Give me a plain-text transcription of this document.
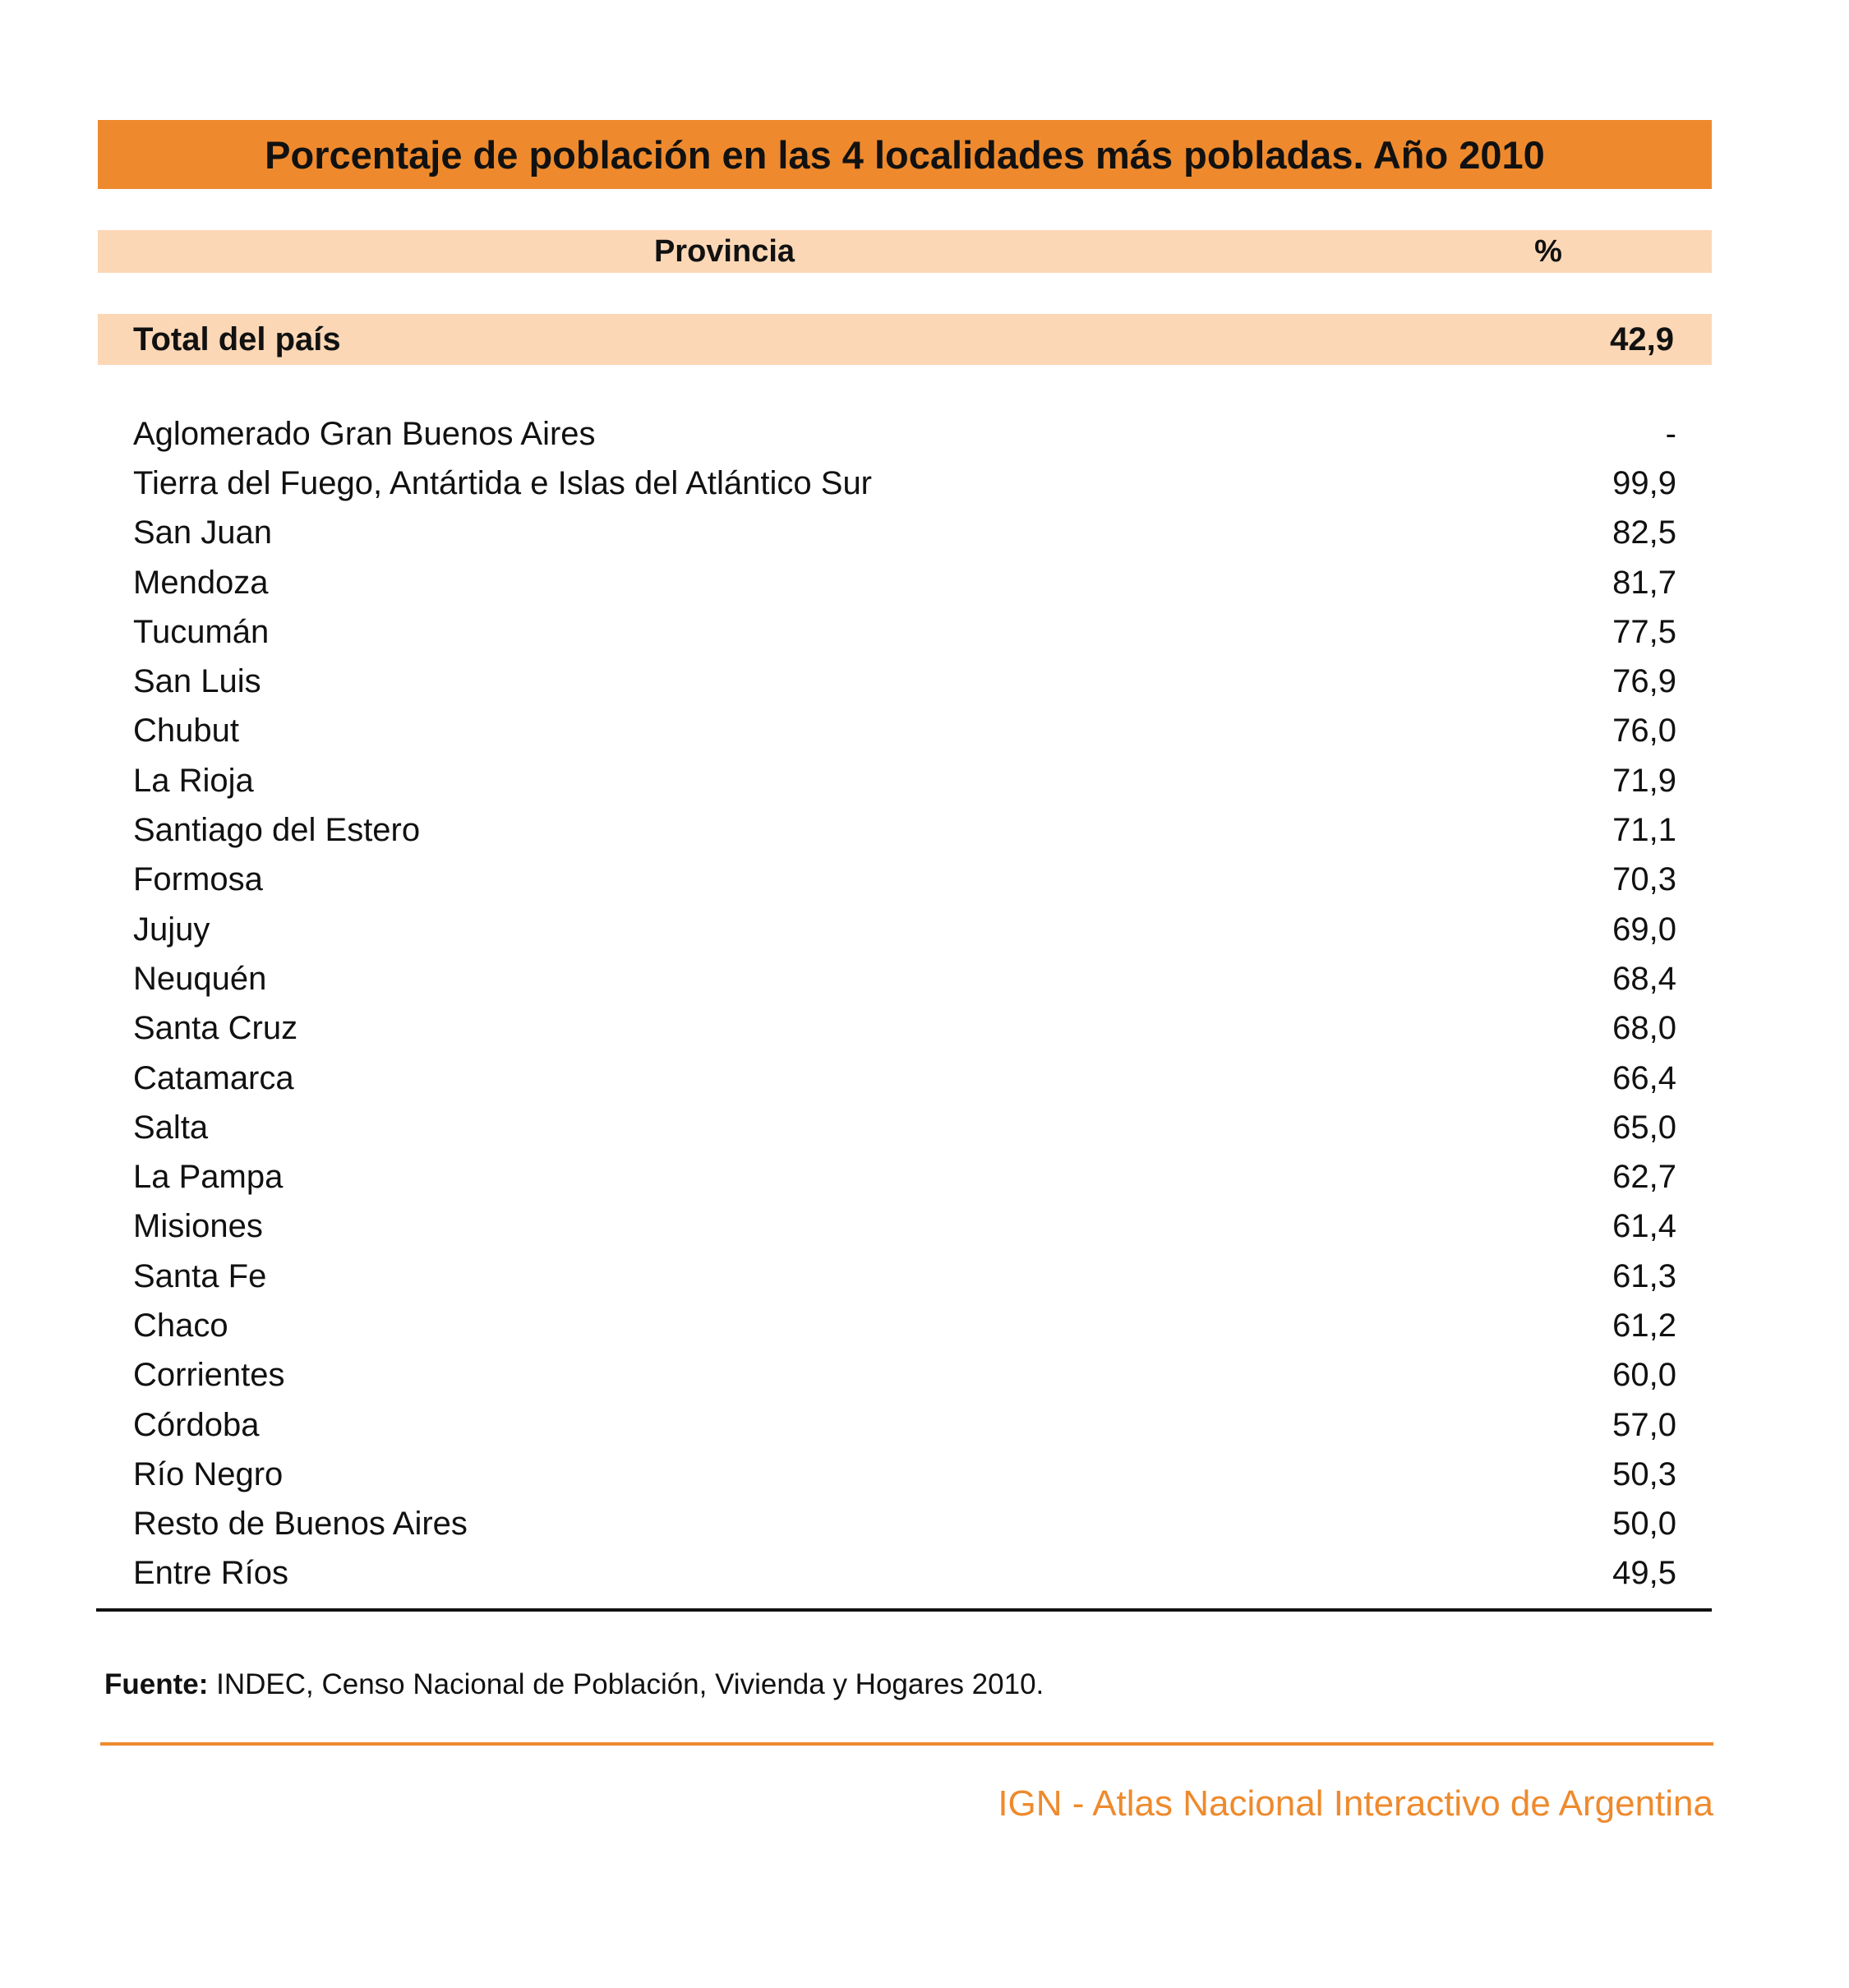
Porcentaje de población en las 4 localidades más pobladas. Año 2010
Provincia	%
Total del país	42,9
Aglomerado Gran Buenos Aires	-
Tierra del Fuego, Antártida e Islas del Atlántico Sur	99,9
San Juan	82,5
Mendoza	81,7
Tucumán	77,5
San Luis	76,9
Chubut	76,0
La Rioja	71,9
Santiago del Estero	71,1
Formosa	70,3
Jujuy	69,0
Neuquén	68,4
Santa Cruz	68,0
Catamarca	66,4
Salta	65,0
La Pampa	62,7
Misiones	61,4
Santa Fe	61,3
Chaco	61,2
Corrientes	60,0
Córdoba	57,0
Río Negro	50,3
Resto de Buenos Aires	50,0
Entre Ríos	49,5
Fuente: INDEC, Censo Nacional de Población, Vivienda y Hogares 2010.
IGN - Atlas Nacional Interactivo de Argentina
